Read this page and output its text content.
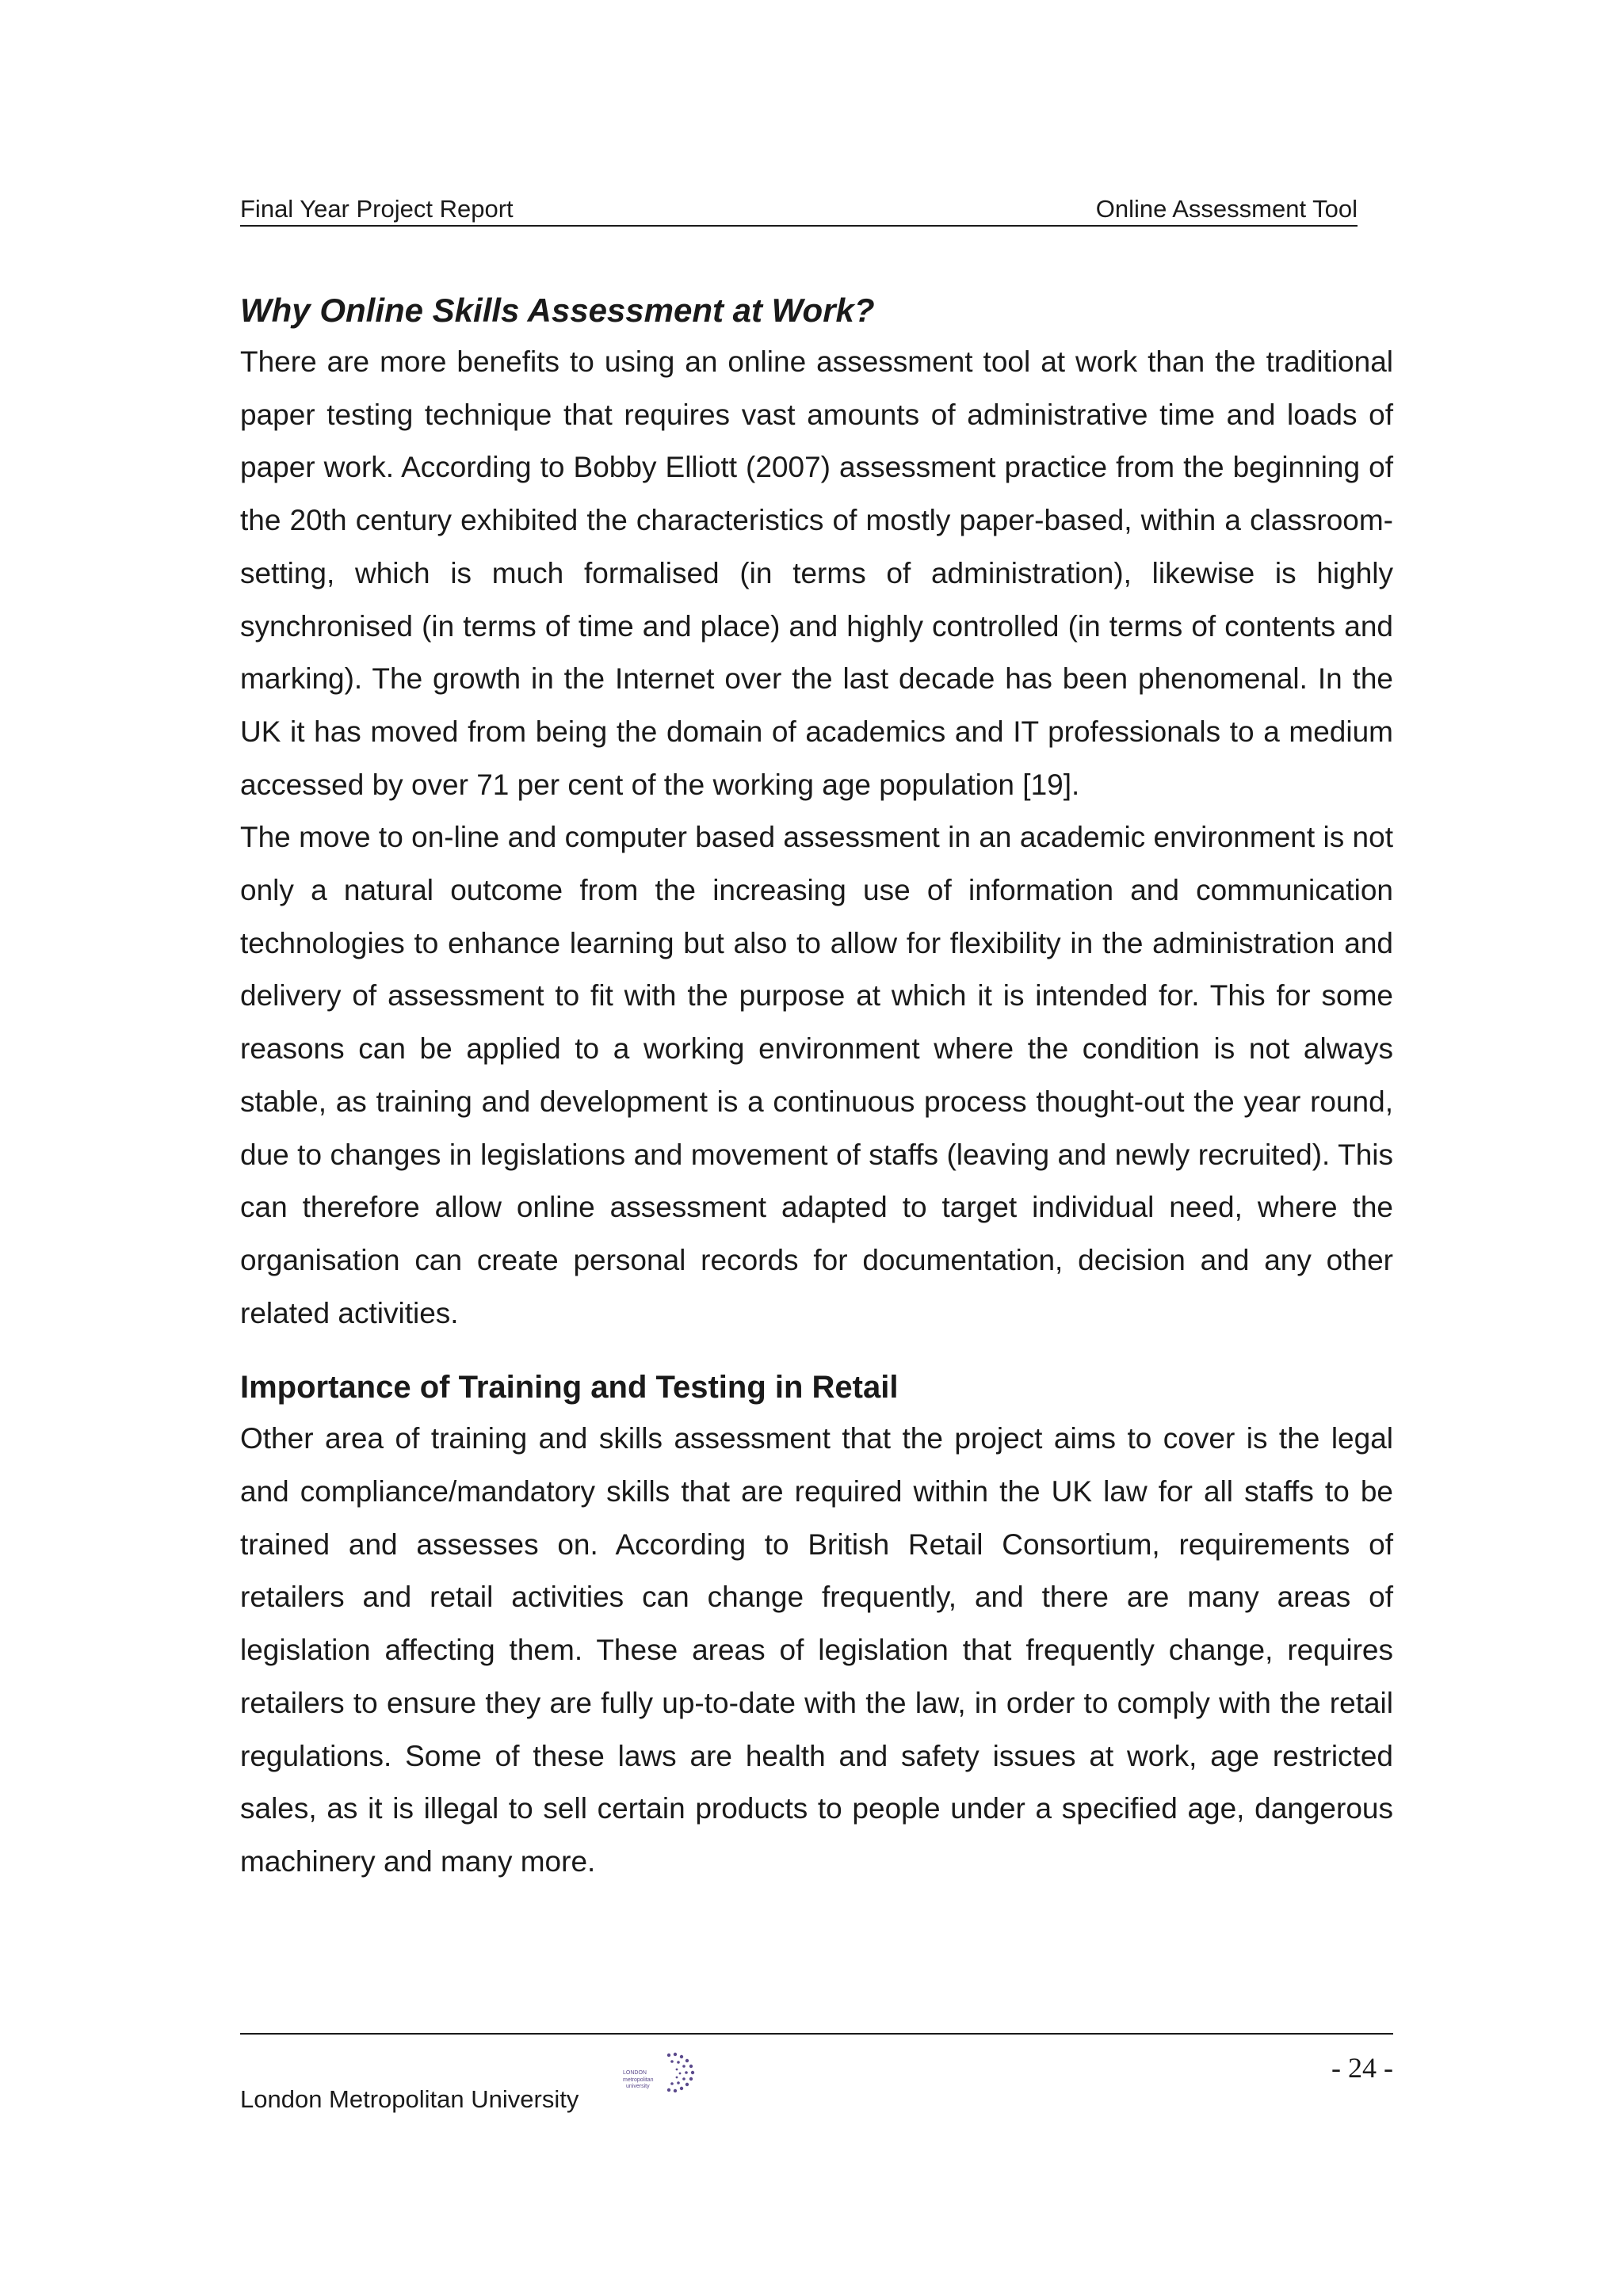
Final Year Project Report	Online Assessment Tool
Why Online Skills Assessment at Work?

There are more benefits to using an online assessment tool at work than the traditional paper testing technique that requires vast amounts of administrative time and loads of paper work. According to Bobby Elliott (2007) assessment practice from the beginning of the 20th century exhibited the characteristics of mostly paper-based, within a classroom-setting, which is much formalised (in terms of administration), likewise is highly synchronised (in terms of time and place) and highly controlled (in terms of contents and marking). The growth in the Internet over the last decade has been phenomenal. In the UK it has moved from being the domain of academics and IT professionals to a medium accessed by over 71 per cent of the working age population [19].

The move to on-line and computer based assessment in an academic environment is not only a natural outcome from the increasing use of information and communication technologies to enhance learning but also to allow for flexibility in the administration and delivery of assessment to fit with the purpose at which it is intended for. This for some reasons can be applied to a working environment where the condition is not always stable, as training and development is a continuous process thought-out the year round, due to changes in legislations and movement of staffs (leaving and newly recruited). This can therefore allow online assessment adapted to target individual need, where the organisation can create personal records for documentation, decision and any other related activities.

Importance of Training and Testing in Retail

Other area of training and skills assessment that the project aims to cover is the legal and compliance/mandatory skills that are required within the UK law for all staffs to be trained and assesses on. According to British Retail Consortium, requirements of retailers and retail activities can change frequently, and there are many areas of legislation affecting them. These areas of legislation that frequently change, requires retailers to ensure they are fully up-to-date with the law, in order to comply with the retail regulations. Some of these laws are health and safety issues at work, age restricted sales, as it is illegal to sell certain products to people under a specified age, dangerous machinery and many more.

London Metropolitan University
LONDON
metropolitan
university
- 24 -
